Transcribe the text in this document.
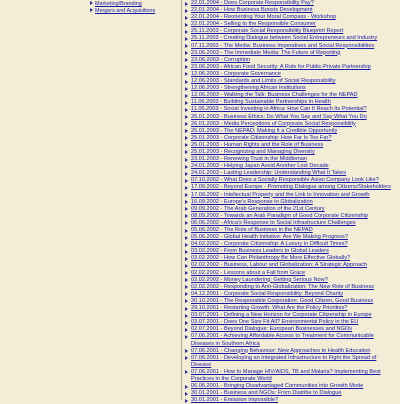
Marketing/Branding
Mergers and Acquisitions
22.01.2004 - Does Corporate Responsibility Pay?
22.01.2004 - How Business Boosts Development
22.01.2004 - Reorienting Your Moral Compass - Workshop
22.01.2004 - Selling to the Responsible Consumer
25.11.2003 - Corporate Social Responsibility Blueprint Report
25.11.2003 - Creating Dialogue between Social Entrepreneurs and Industry
07.11.2003 - The Media: Business Imperatives and Social Responsibilities
23.06.2003 - The Immediate Media: The Future of Reporting
23.06.2003 - Corruption
23.06.2003 - African Food Security: A Role for Public-Private Partnership
12.06.2003 - Corporate Governance
12.06.2003 - Standards and Limits of Social Responsibility
12.06.2003 - Strengthening African Institutions
12.06.2003 - Walking the Talk: Business Challenges for the NEPAD
11.06.2003 - Building Sustainable Partnerships in Health
11.06.2003 - Social Investing in Africa: How Can It Reach Its Potential?
26.01.2003 - Business Ethics: Do What You Say and Say What You Do
26.01.2003 - Media Perceptions of Corporate Social Responsibility
25.01.2003 - The NEPAD: Making It a Credible Opportunity
25.01.2003 - Corporate Citizenship: How Far Is Too Far?
25.01.2003 - Human Rights and the Role of Business
25.01.2003 - Recognizing and Managing Diversity
23.01.2003 - Renewing Trust in the Middleman
24.01.2003 - Helping Japan Avoid Another Lost Decade
24.01.2003 - Lasting Leadership: Understanding What It Takes
07.10.2002 - What Does a Socially Responsible Asian Company Look Like?
17.09.2002 - Beyond Europe - Promoting Dialogue among Citizens/Stakeholders
17.09.2002 - Intellectual Property and the Link to Innovation and Growth
16.09.2002 - Europe's Response to Globalization
09.09.2002 - The Arab Generation of the 21st Century
08.09.2002 - Towards an Arab Paradigm of Good Corporate Citizenship
06.06.2002 - Africa's Response to Social Infrastructure Challenges
05.06.2002 - The Role of Business in the NEPAD
05.06.2002 - Global Health Initiative: Are We Making Progress?
04.02.2002 - Corporate Citizenship: A Luxury in Difficult Times?
03.02.2002 - From Business Leaders to Global Leaders
03.02.2002 - How Can Philanthropy Be More Effective Globally?
02.02.2002 - Business, Labour and Globalization: A Strategic Approach
02.02.2002 - Lessons about a Fall from Grace
02.02.2002 - Money Laundering: Getting Serious Now?
02.02.2002 - Responding to Anti-Globalization: The New Role of Business
04.12.2001 - Corporate Social Responsibility: Beyond Charity
30.10.2001 - The Responsible Corporation: Good Citizen, Good Business
29.10.2001 - Restarting Growth: What Are the Policy Priorities?
03.07.2001 - Defining a New Horizon for Corporate Citizenship in Europe
03.07.2001 - Does One Size Fit All? Environmental Policy in the EU
02.07.2001 - Beyond Dialogue: European Businesses and NGOs
07.06.2001 - Achieving Affordable Access to Treatment for Communicable Diseases in Southern Africa
07.06.2001 - Changing Behaviour: New Approaches to Health Education
07.06.2001 - Developing an Integrated Infrastructure to Fight the Spread of Disease
07.06.2001 - How to Manage HIV/AIDS, TB and Malaria? Implementing Best Practices in the Corporate World
06.06.2001 - Bringing Disadvantaged Communities into Growth Mode
30.01.2001 - Business and NGOs: From Diatribe to Dialogue
30.01.2001 - Emission Impossible?
